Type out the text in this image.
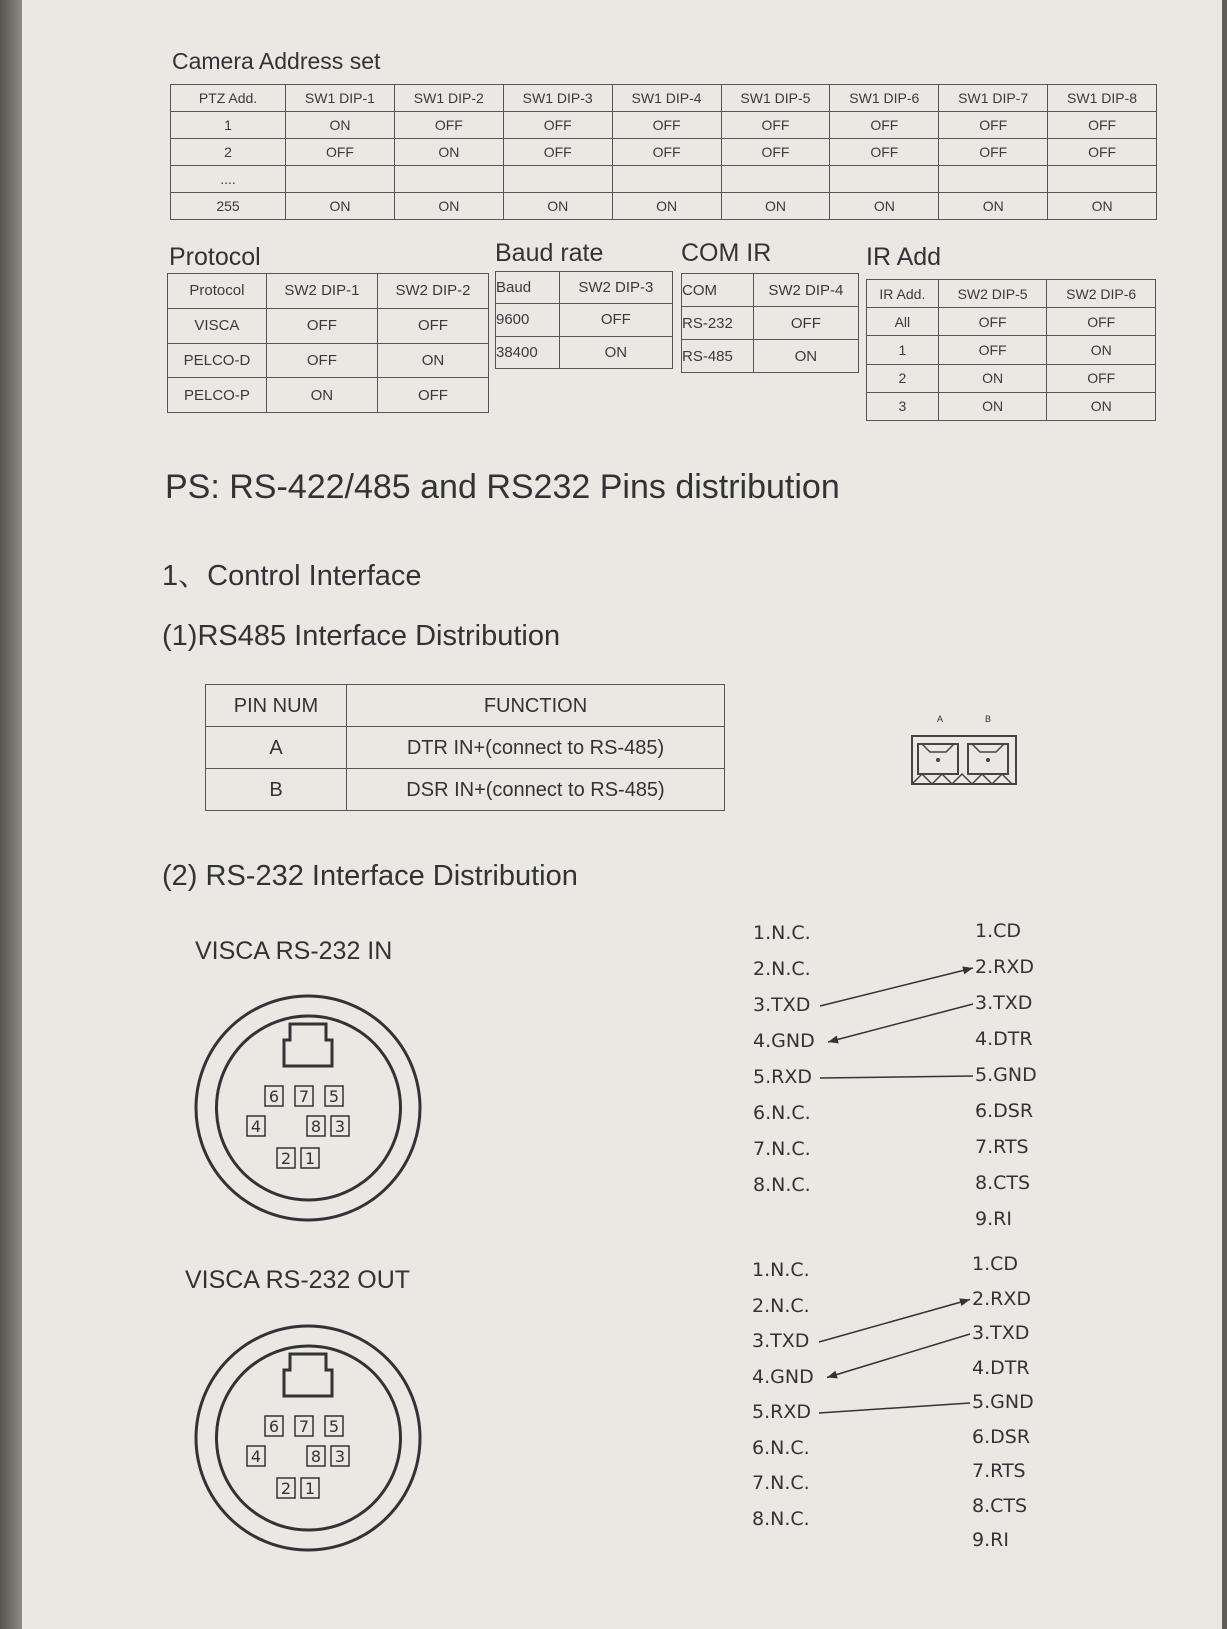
Camera Address set
PTZ Add.	SW1 DIP-1	SW1 DIP-2	SW1 DIP-3	SW1 DIP-4	SW1 DIP-5	SW1 DIP-6	SW1 DIP-7	SW1 DIP-8
1	ON	OFF	OFF	OFF	OFF	OFF	OFF	OFF
2	OFF	ON	OFF	OFF	OFF	OFF	OFF	OFF
....								
255	ON	ON	ON	ON	ON	ON	ON	ON
Protocol
Protocol	SW2 DIP-1	SW2 DIP-2
VISCA	OFF	OFF
PELCO-D	OFF	ON
PELCO-P	ON	OFF
Baud rate
Baud	SW2 DIP-3
9600	OFF
38400	ON
COM IR
COM	SW2 DIP-4
RS-232	OFF
RS-485	ON
IR Add
IR Add.	SW2 DIP-5	SW2 DIP-6
All	OFF	OFF
1	OFF	ON
2	ON	OFF
3	ON	ON
PS: RS-422/485 and RS232 Pins distribution
1、Control Interface
(1)RS485 Interface Distribution
PIN NUM	FUNCTION
A	DTR IN+(connect to RS-485)
B	DSR IN+(connect to RS-485)
A	B
(2) RS-232 Interface Distribution
VISCA RS-232 IN
6 7 5
4	8 3
2 1
1.N.C.
2.N.C.
3.TXD
4.GND
5.RXD
6.N.C.
7.N.C.
8.N.C.
1.CD
2.RXD
3.TXD
4.DTR
5.GND
6.DSR
7.RTS
8.CTS
9.RI
VISCA RS-232 OUT
6 7 5
4	8 3
2 1
1.N.C.
2.N.C.
3.TXD
4.GND
5.RXD
6.N.C.
7.N.C.
8.N.C.
1.CD
2.RXD
3.TXD
4.DTR
5.GND
6.DSR
7.RTS
8.CTS
9.RI
